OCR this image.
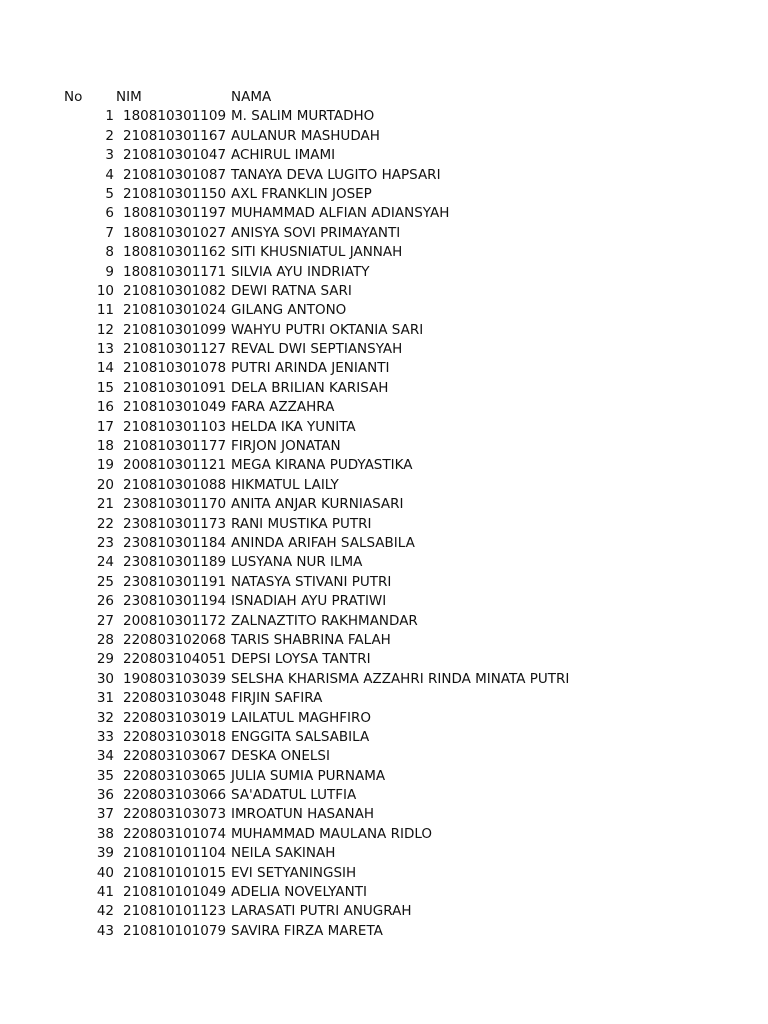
No NIM	NAMA
1 180810301109 M. SALIM MURTADHO
2 210810301167 AULANUR MASHUDAH
3 210810301047 ACHIRUL IMAMI
4 210810301087 TANAYA DEVA LUGITO HAPSARI
5 210810301150 AXL FRANKLIN JOSEP
6 180810301197 MUHAMMAD ALFIAN ADIANSYAH
7 180810301027 ANISYA SOVI PRIMAYANTI
8 180810301162 SITI KHUSNIATUL JANNAH
9 180810301171 SILVIA AYU INDRIATY
10 210810301082 DEWI RATNA SARI
11 210810301024 GILANG ANTONO
12 210810301099 WAHYU PUTRI OKTANIA SARI
13 210810301127 REVAL DWI SEPTIANSYAH
14 210810301078 PUTRI ARINDA JENIANTI
15 210810301091 DELA BRILIAN KARISAH
16 210810301049 FARA AZZAHRA
17 210810301103 HELDA IKA YUNITA
18 210810301177 FIRJON JONATAN
19 200810301121 MEGA KIRANA PUDYASTIKA
20 210810301088 HIKMATUL LAILY
21 230810301170 ANITA ANJAR KURNIASARI
22 230810301173 RANI MUSTIKA PUTRI
23 230810301184 ANINDA ARIFAH SALSABILA
24 230810301189 LUSYANA NUR ILMA
25 230810301191 NATASYA STIVANI PUTRI
26 230810301194 ISNADIAH AYU PRATIWI
27 200810301172 ZALNAZTITO RAKHMANDAR
28 220803102068 TARIS SHABRINA FALAH
29 220803104051 DEPSI LOYSA TANTRI
30 190803103039 SELSHA KHARISMA AZZAHRI RINDA MINATA PUTRI
31 220803103048 FIRJIN SAFIRA
32 220803103019 LAILATUL MAGHFIRO
33 220803103018 ENGGITA SALSABILA
34 220803103067 DESKA ONELSI
35 220803103065 JULIA SUMIA PURNAMA
36 220803103066 SA'ADATUL LUTFIA
37 220803103073 IMROATUN HASANAH
38 220803101074 MUHAMMAD MAULANA RIDLO
39 210810101104 NEILA SAKINAH
40 210810101015 EVI SETYANINGSIH
41 210810101049 ADELIA NOVELYANTI
42 210810101123 LARASATI PUTRI ANUGRAH
43 210810101079 SAVIRA FIRZA MARETA
